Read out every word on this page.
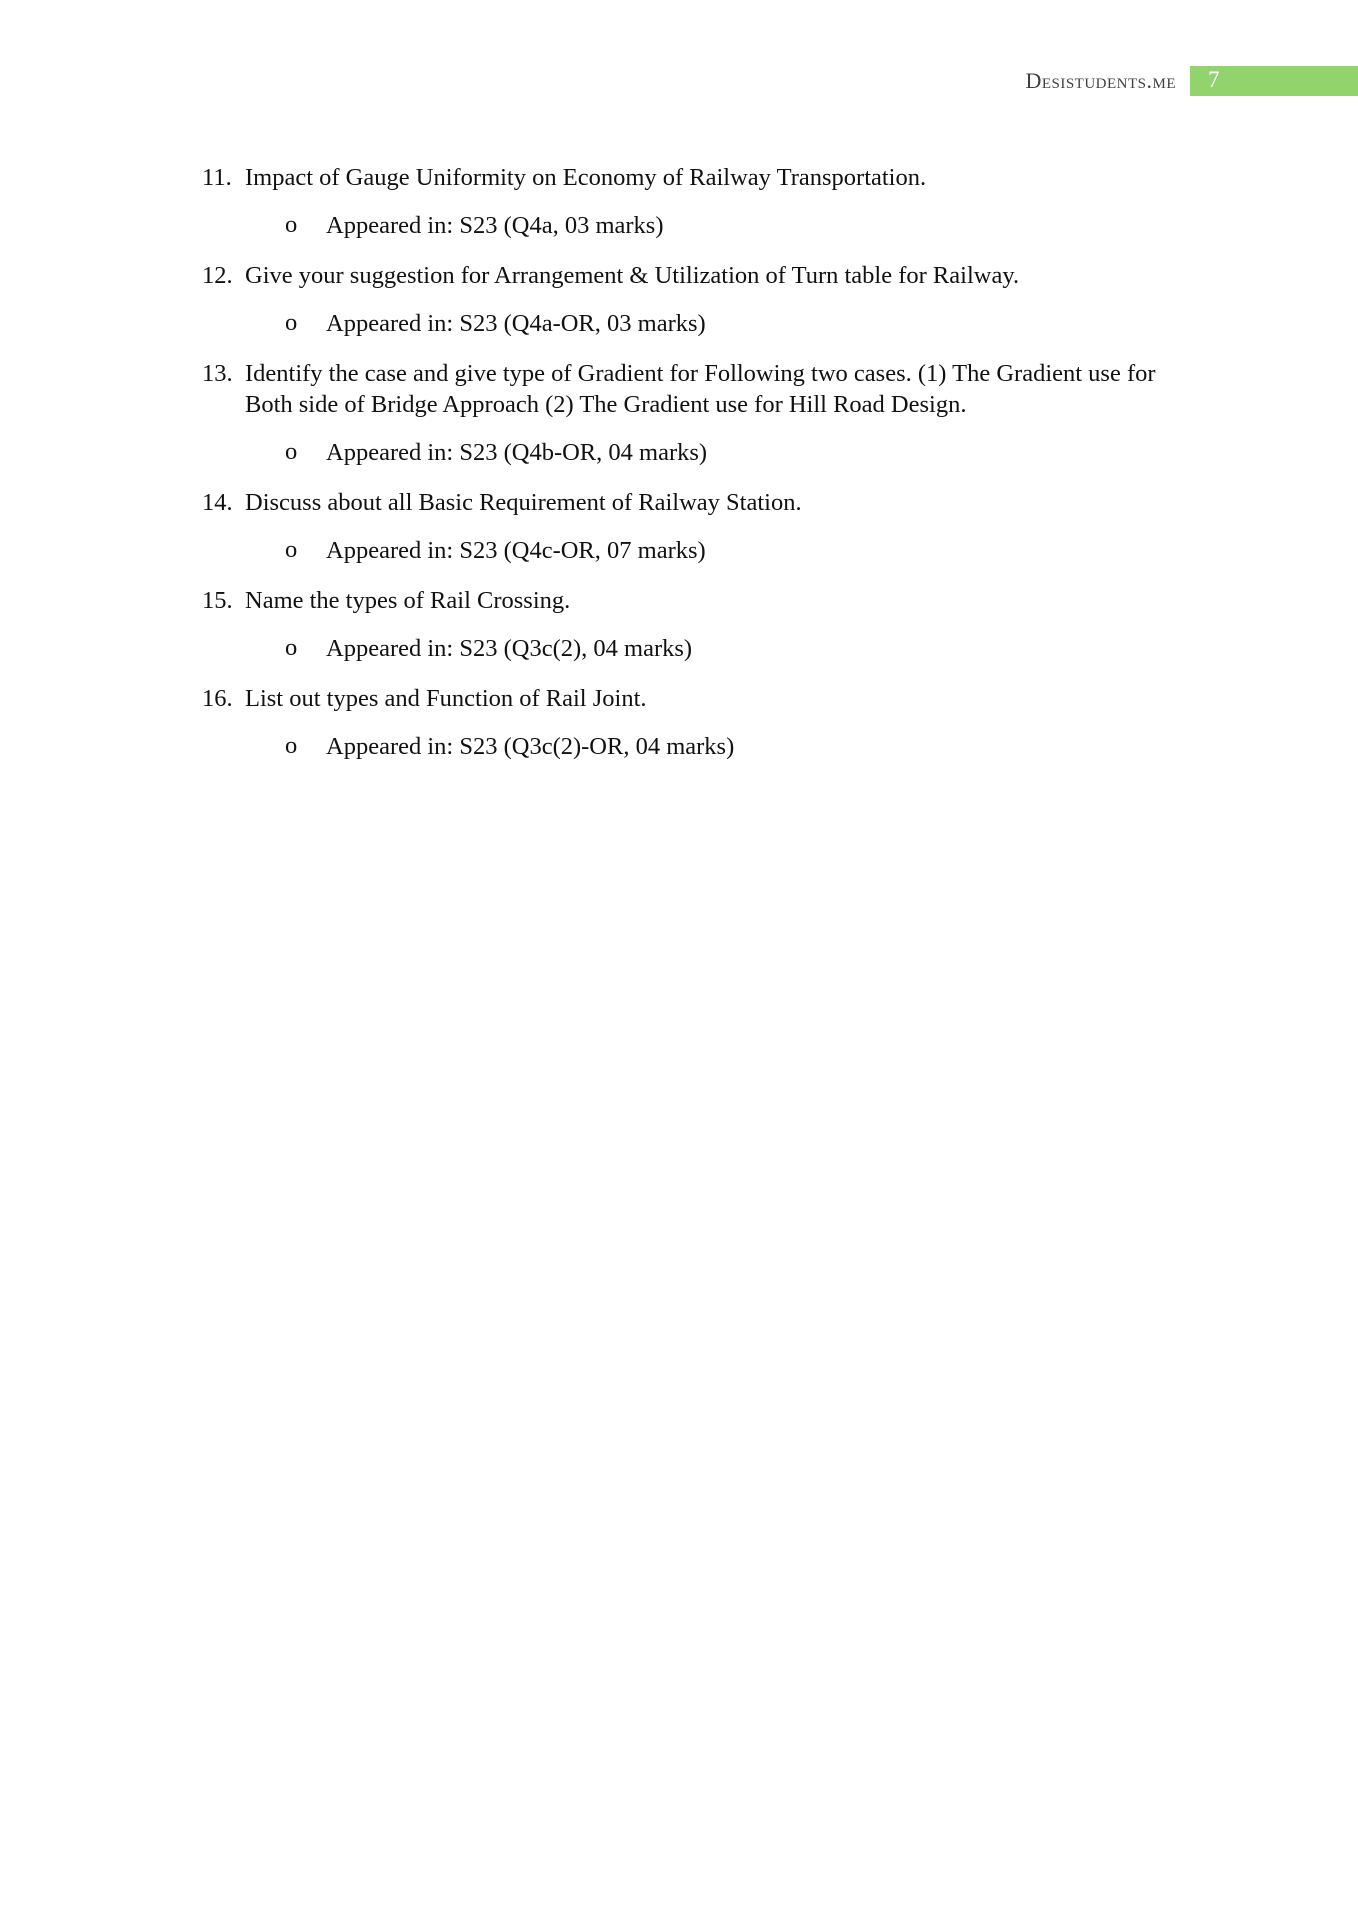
Desistudents.me 7
11. Impact of Gauge Uniformity on Economy of Railway Transportation.
o Appeared in: S23 (Q4a, 03 marks)
12. Give your suggestion for Arrangement & Utilization of Turn table for Railway.
o Appeared in: S23 (Q4a-OR, 03 marks)
13. Identify the case and give type of Gradient for Following two cases. (1) The Gradient use for Both side of Bridge Approach (2) The Gradient use for Hill Road Design.
o Appeared in: S23 (Q4b-OR, 04 marks)
14. Discuss about all Basic Requirement of Railway Station.
o Appeared in: S23 (Q4c-OR, 07 marks)
15. Name the types of Rail Crossing.
o Appeared in: S23 (Q3c(2), 04 marks)
16. List out types and Function of Rail Joint.
o Appeared in: S23 (Q3c(2)-OR, 04 marks)
